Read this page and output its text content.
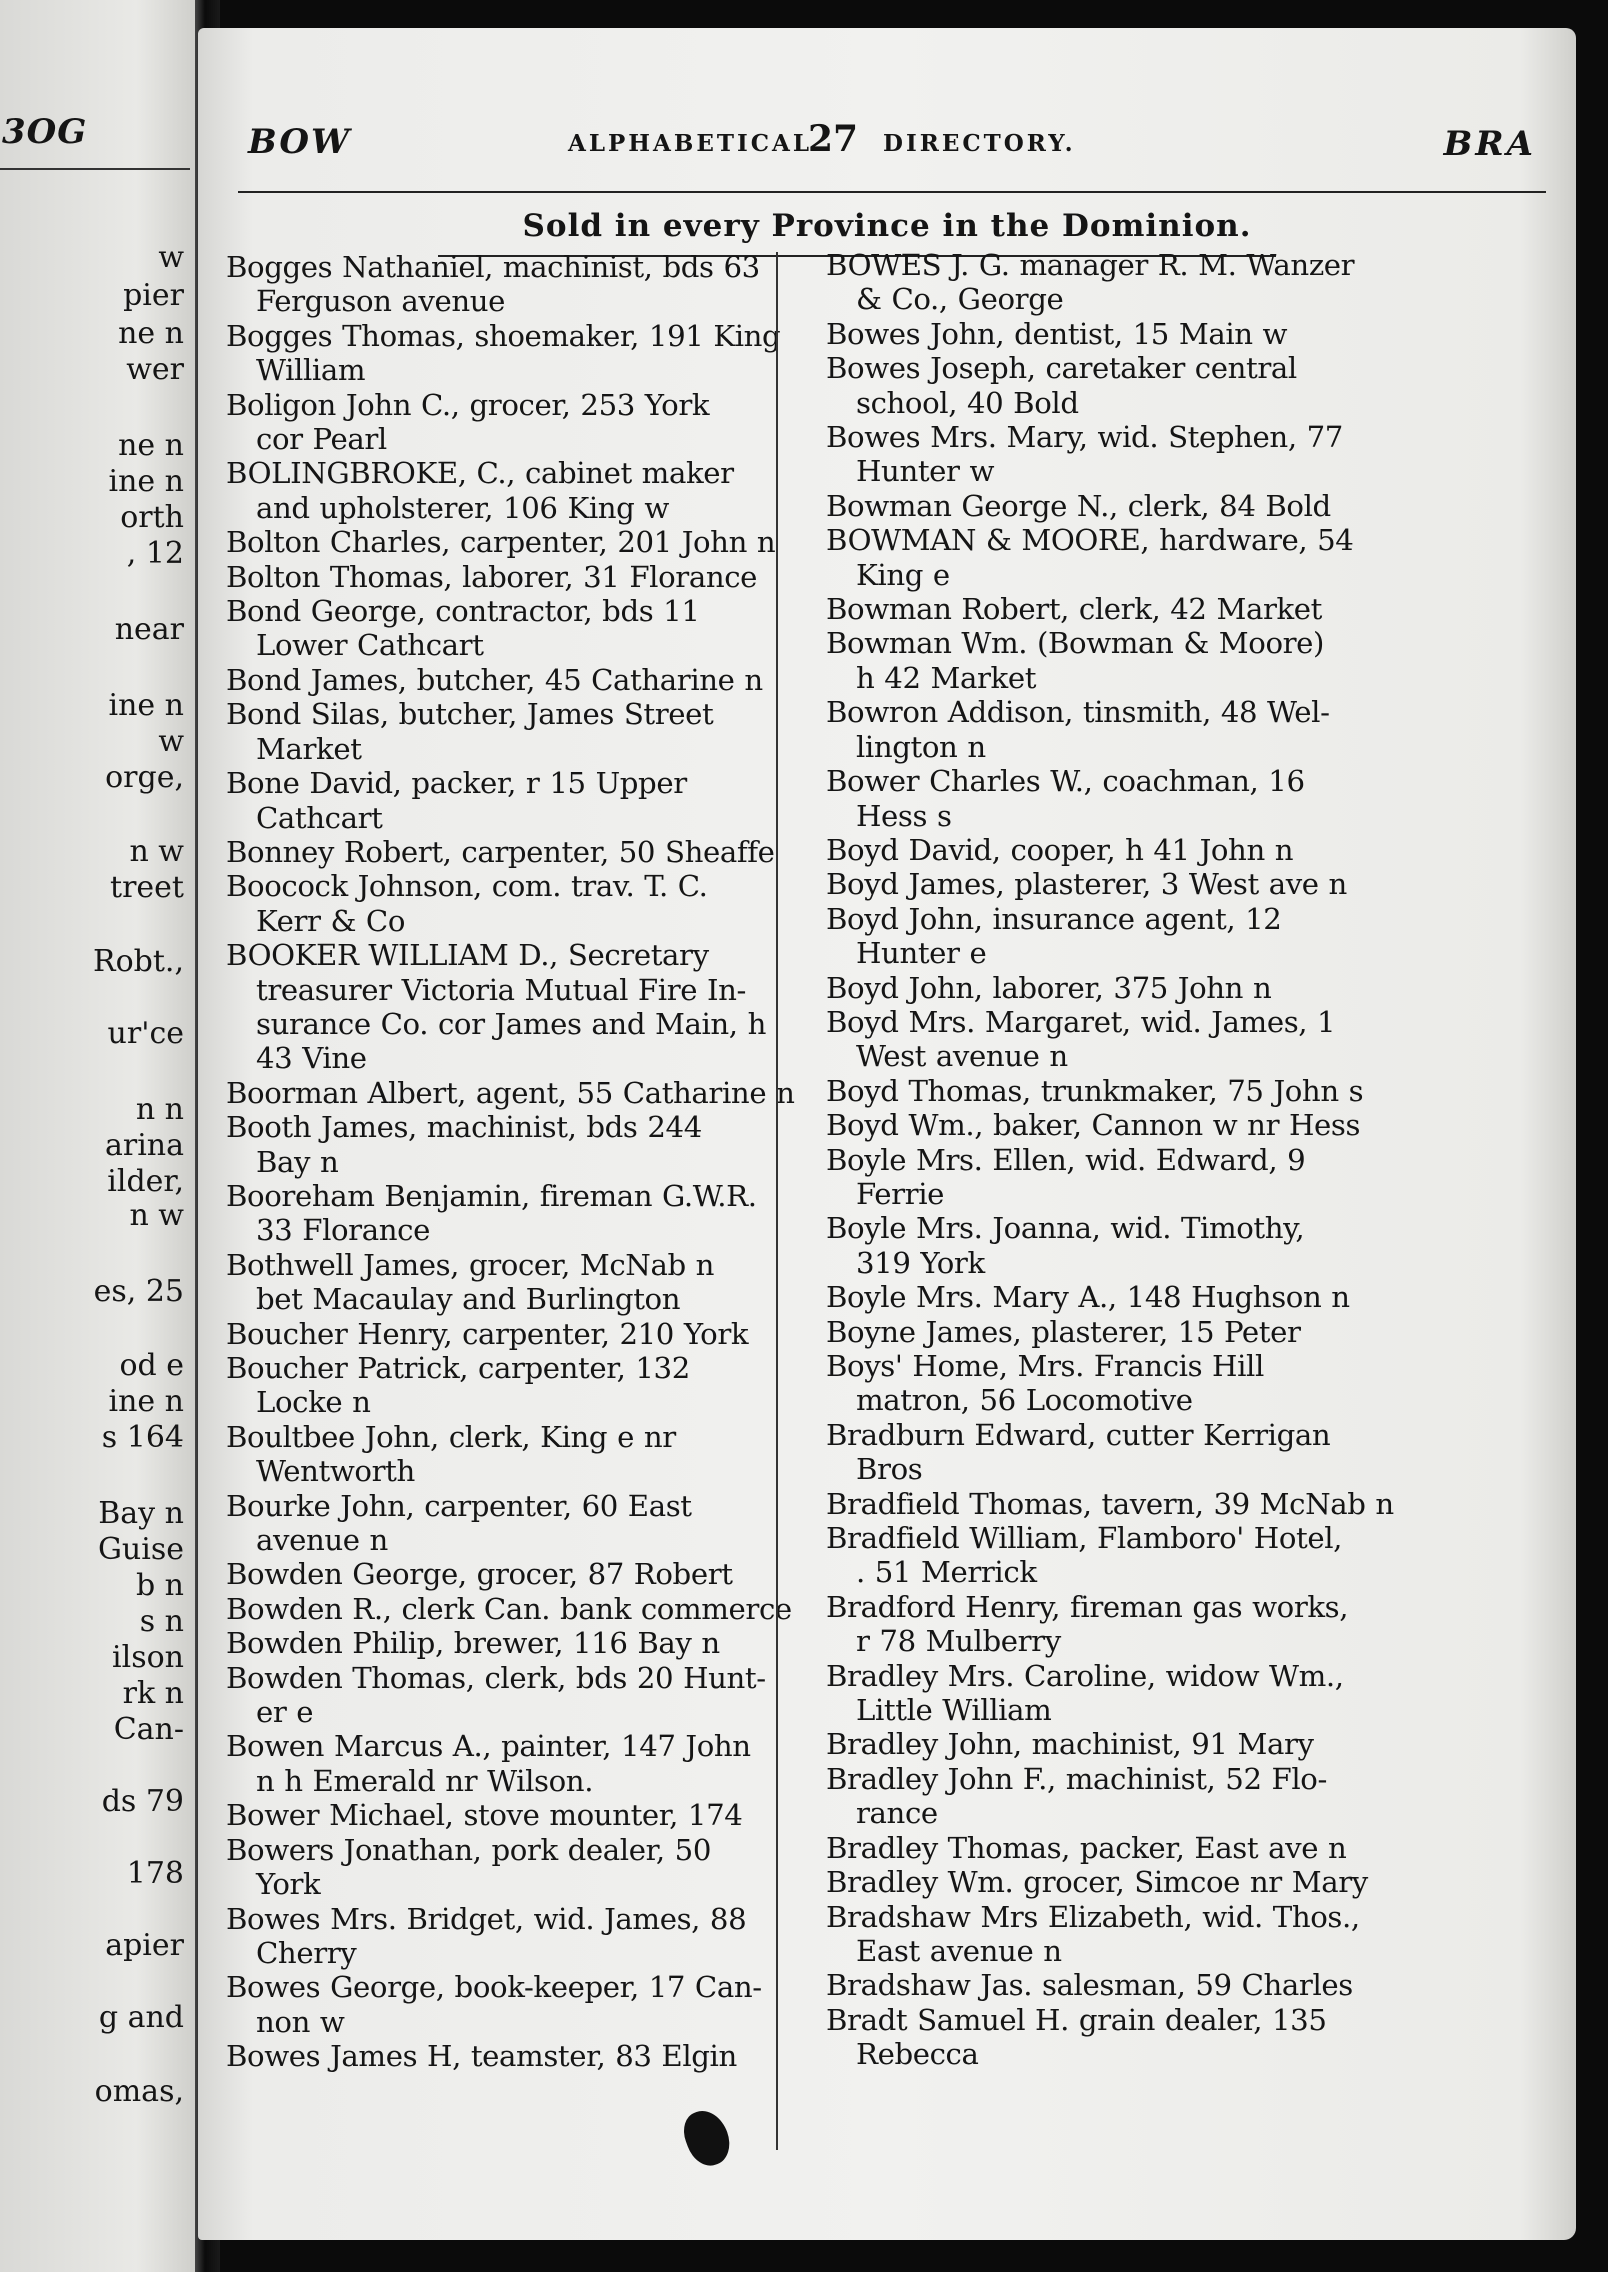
3OG
w
pier
ne n
wer
ne n
ine n
orth
, 12
near
ine n
w
orge,
n w
treet
Robt.,
ur'ce
n n
arina
ilder,
n w
es, 25
od e
ine n
s 164
Bay n
Guise
b n
s n
ilson
rk n
Can-
ds 79
178
apier
g and
omas,
BOW	ALPHABETICAL
27 DIRECTORY.	BRA
Sold in every Province in the Dominion.
Bogges Nathaniel, machinist, bds 63
Ferguson avenue
Bogges Thomas, shoemaker, 191 King
William
Boligon John C., grocer, 253 York
cor Pearl
BOLINGBROKE, C., cabinet maker
and upholsterer, 106 King w
Bolton Charles, carpenter, 201 John n
Bolton Thomas, laborer, 31 Florance
Bond George, contractor, bds 11
Lower Cathcart
Bond James, butcher, 45 Catharine n
Bond Silas, butcher, James Street
Market
Bone David, packer, r 15 Upper
Cathcart
Bonney Robert, carpenter, 50 Sheaffe
Boocock Johnson, com. trav. T. C.
Kerr & Co
BOOKER WILLIAM D., Secretary
treasurer Victoria Mutual Fire In-
surance Co. cor James and Main, h
43 Vine
Boorman Albert, agent, 55 Catharine n
Booth James, machinist, bds 244
Bay n
Booreham Benjamin, fireman G.W.R.
33 Florance
Bothwell James, grocer, McNab n
bet Macaulay and Burlington
Boucher Henry, carpenter, 210 York
Boucher Patrick, carpenter, 132
Locke n
Boultbee John, clerk, King e nr
Wentworth
Bourke John, carpenter, 60 East
avenue n
Bowden George, grocer, 87 Robert
Bowden R., clerk Can. bank commerce
Bowden Philip, brewer, 116 Bay n
Bowden Thomas, clerk, bds 20 Hunt-
er e
Bowen Marcus A., painter, 147 John
n h Emerald nr Wilson.
Bower Michael, stove mounter, 174
Bowers Jonathan, pork dealer, 50
York
Bowes Mrs. Bridget, wid. James, 88
Cherry
Bowes George, book-keeper, 17 Can-
non w
Bowes James H, teamster, 83 Elgin
BOWES J. G. manager R. M. Wanzer
& Co., George
Bowes John, dentist, 15 Main w
Bowes Joseph, caretaker central
school, 40 Bold
Bowes Mrs. Mary, wid. Stephen, 77
Hunter w
Bowman George N., clerk, 84 Bold
BOWMAN & MOORE, hardware, 54
King e
Bowman Robert, clerk, 42 Market
Bowman Wm. (Bowman & Moore)
h 42 Market
Bowron Addison, tinsmith, 48 Wel-
lington n
Bower Charles W., coachman, 16
Hess s
Boyd David, cooper, h 41 John n
Boyd James, plasterer, 3 West ave n
Boyd John, insurance agent, 12
Hunter e
Boyd John, laborer, 375 John n
Boyd Mrs. Margaret, wid. James, 1
West avenue n
Boyd Thomas, trunkmaker, 75 John s
Boyd Wm., baker, Cannon w nr Hess
Boyle Mrs. Ellen, wid. Edward, 9
Ferrie
Boyle Mrs. Joanna, wid. Timothy,
319 York
Boyle Mrs. Mary A., 148 Hughson n
Boyne James, plasterer, 15 Peter
Boys' Home, Mrs. Francis Hill
matron, 56 Locomotive
Bradburn Edward, cutter Kerrigan
Bros
Bradfield Thomas, tavern, 39 McNab n
Bradfield William, Flamboro' Hotel,
. 51 Merrick
Bradford Henry, fireman gas works,
r 78 Mulberry
Bradley Mrs. Caroline, widow Wm.,
Little William
Bradley John, machinist, 91 Mary
Bradley John F., machinist, 52 Flo-
rance
Bradley Thomas, packer, East ave n
Bradley Wm. grocer, Simcoe nr Mary
Bradshaw Mrs Elizabeth, wid. Thos.,
East avenue n
Bradshaw Jas. salesman, 59 Charles
Bradt Samuel H. grain dealer, 135
Rebecca
